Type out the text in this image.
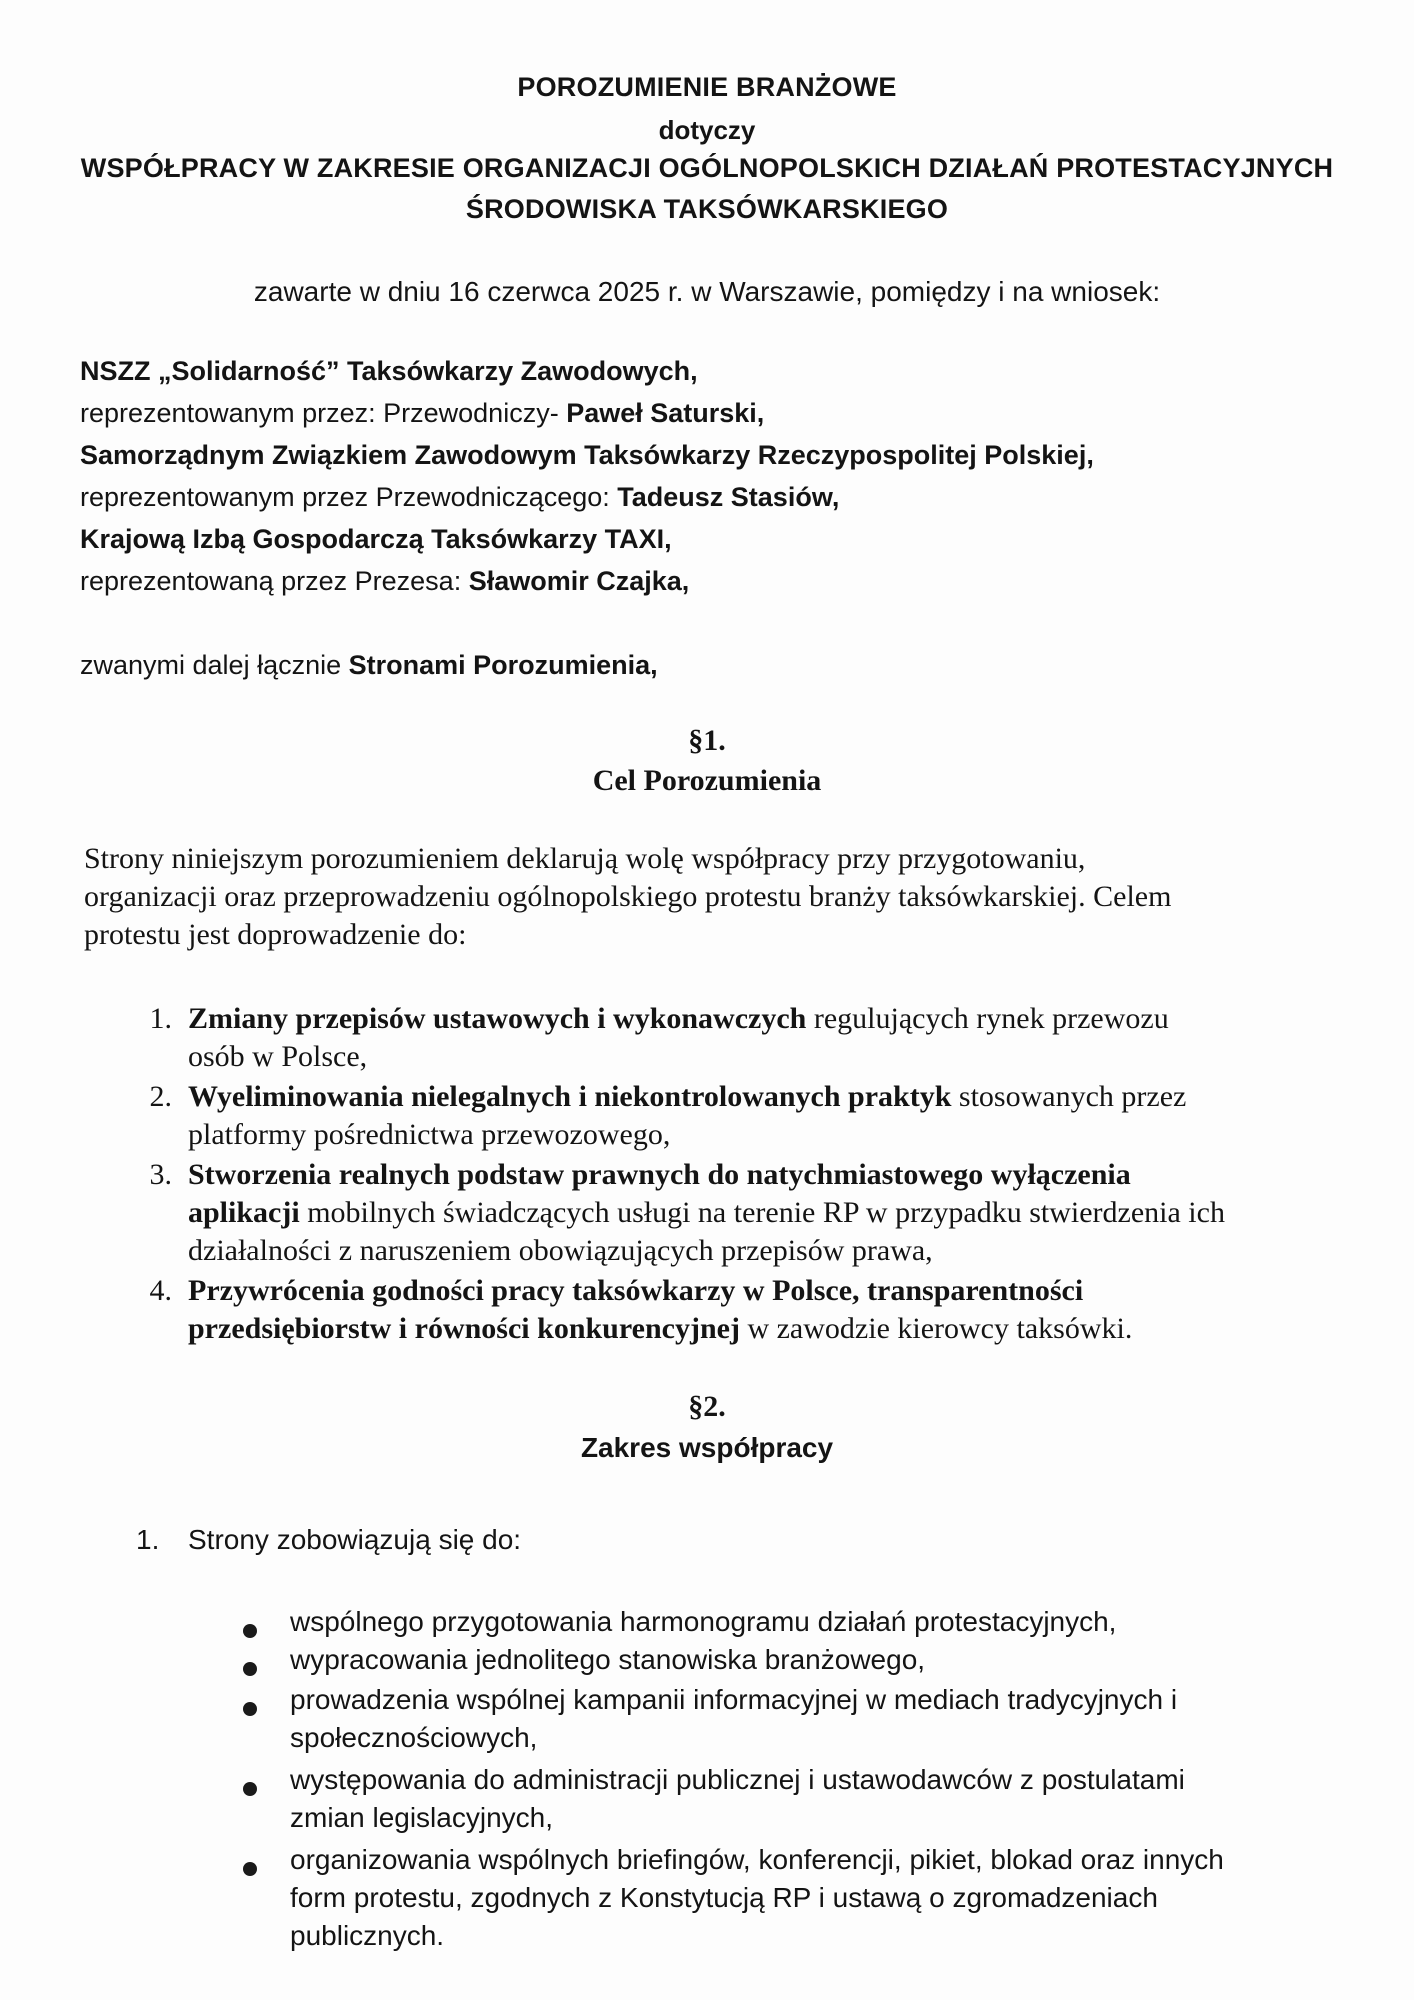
POROZUMIENIE BRANŻOWE
dotyczy
WSPÓŁPRACY W ZAKRESIE ORGANIZACJI OGÓLNOPOLSKICH DZIAŁAŃ PROTESTACYJNYCH
ŚRODOWISKA TAKSÓWKARSKIEGO
zawarte w dniu 16 czerwca 2025 r. w Warszawie, pomiędzy i na wniosek:
NSZZ „Solidarność” Taksówkarzy Zawodowych,
reprezentowanym przez: Przewodniczy- Paweł Saturski,
Samorządnym Związkiem Zawodowym Taksówkarzy Rzeczypospolitej Polskiej,
reprezentowanym przez Przewodniczącego: Tadeusz Stasiów,
Krajową Izbą Gospodarczą Taksówkarzy TAXI,
reprezentowaną przez Prezesa: Sławomir Czajka,
zwanymi dalej łącznie Stronami Porozumienia,
§1.
Cel Porozumienia
Strony niniejszym porozumieniem deklarują wolę współpracy przy przygotowaniu,
organizacji oraz przeprowadzeniu ogólnopolskiego protestu branży taksówkarskiej. Celem
protestu jest doprowadzenie do:
1. Zmiany przepisów ustawowych i wykonawczych regulujących rynek przewozu
osób w Polsce,
2. Wyeliminowania nielegalnych i niekontrolowanych praktyk stosowanych przez
platformy pośrednictwa przewozowego,
3. Stworzenia realnych podstaw prawnych do natychmiastowego wyłączenia
aplikacji mobilnych świadczących usługi na terenie RP w przypadku stwierdzenia ich
działalności z naruszeniem obowiązujących przepisów prawa,
4. Przywrócenia godności pracy taksówkarzy w Polsce, transparentności
przedsiębiorstw i równości konkurencyjnej w zawodzie kierowcy taksówki.
§2.
Zakres współpracy
1. Strony zobowiązują się do:
wspólnego przygotowania harmonogramu działań protestacyjnych,
wypracowania jednolitego stanowiska branżowego,
prowadzenia wspólnej kampanii informacyjnej w mediach tradycyjnych i
społecznościowych,
występowania do administracji publicznej i ustawodawców z postulatami
zmian legislacyjnych,
organizowania wspólnych briefingów, konferencji, pikiet, blokad oraz innych
form protestu, zgodnych z Konstytucją RP i ustawą o zgromadzeniach
publicznych.
